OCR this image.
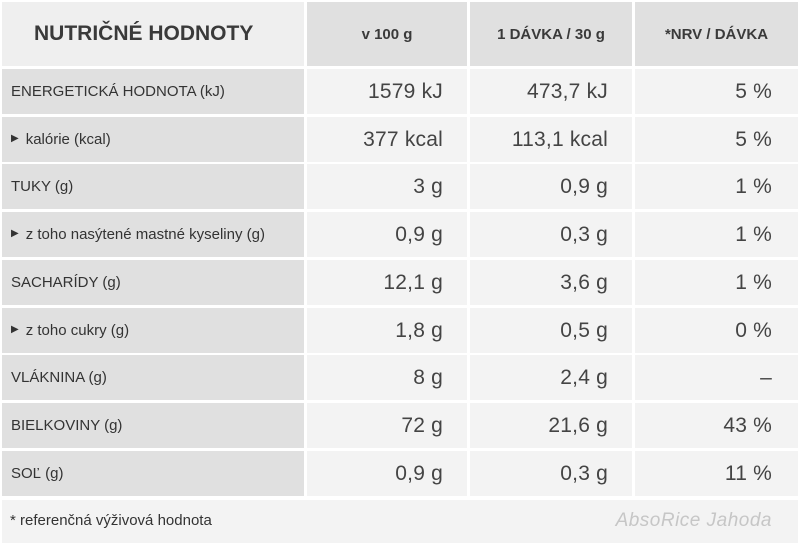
NUTRIČNÉ HODNOTY	v 100 g	1 DÁVKA / 30 g	*NRV / DÁVKA
ENERGETICKÁ HODNOTA (kJ)	1579 kJ	473,7 kJ	5 %
▶ kalórie (kcal)	377 kcal	113,1 kcal	5 %
TUKY (g)	3 g	0,9 g	1 %
▶ z toho nasýtené mastné kyseliny (g)	0,9 g	0,3 g	1 %
SACHARÍDY (g)	12,1 g	3,6 g	1 %
▶ z toho cukry (g)	1,8 g	0,5 g	0 %
VLÁKNINA (g)	8 g	2,4 g	–
BIELKOVINY (g)	72 g	21,6 g	43 %
SOĽ (g)	0,9 g	0,3 g	11 %
* referenčná výživová hodnota	AbsoRice Jahoda
